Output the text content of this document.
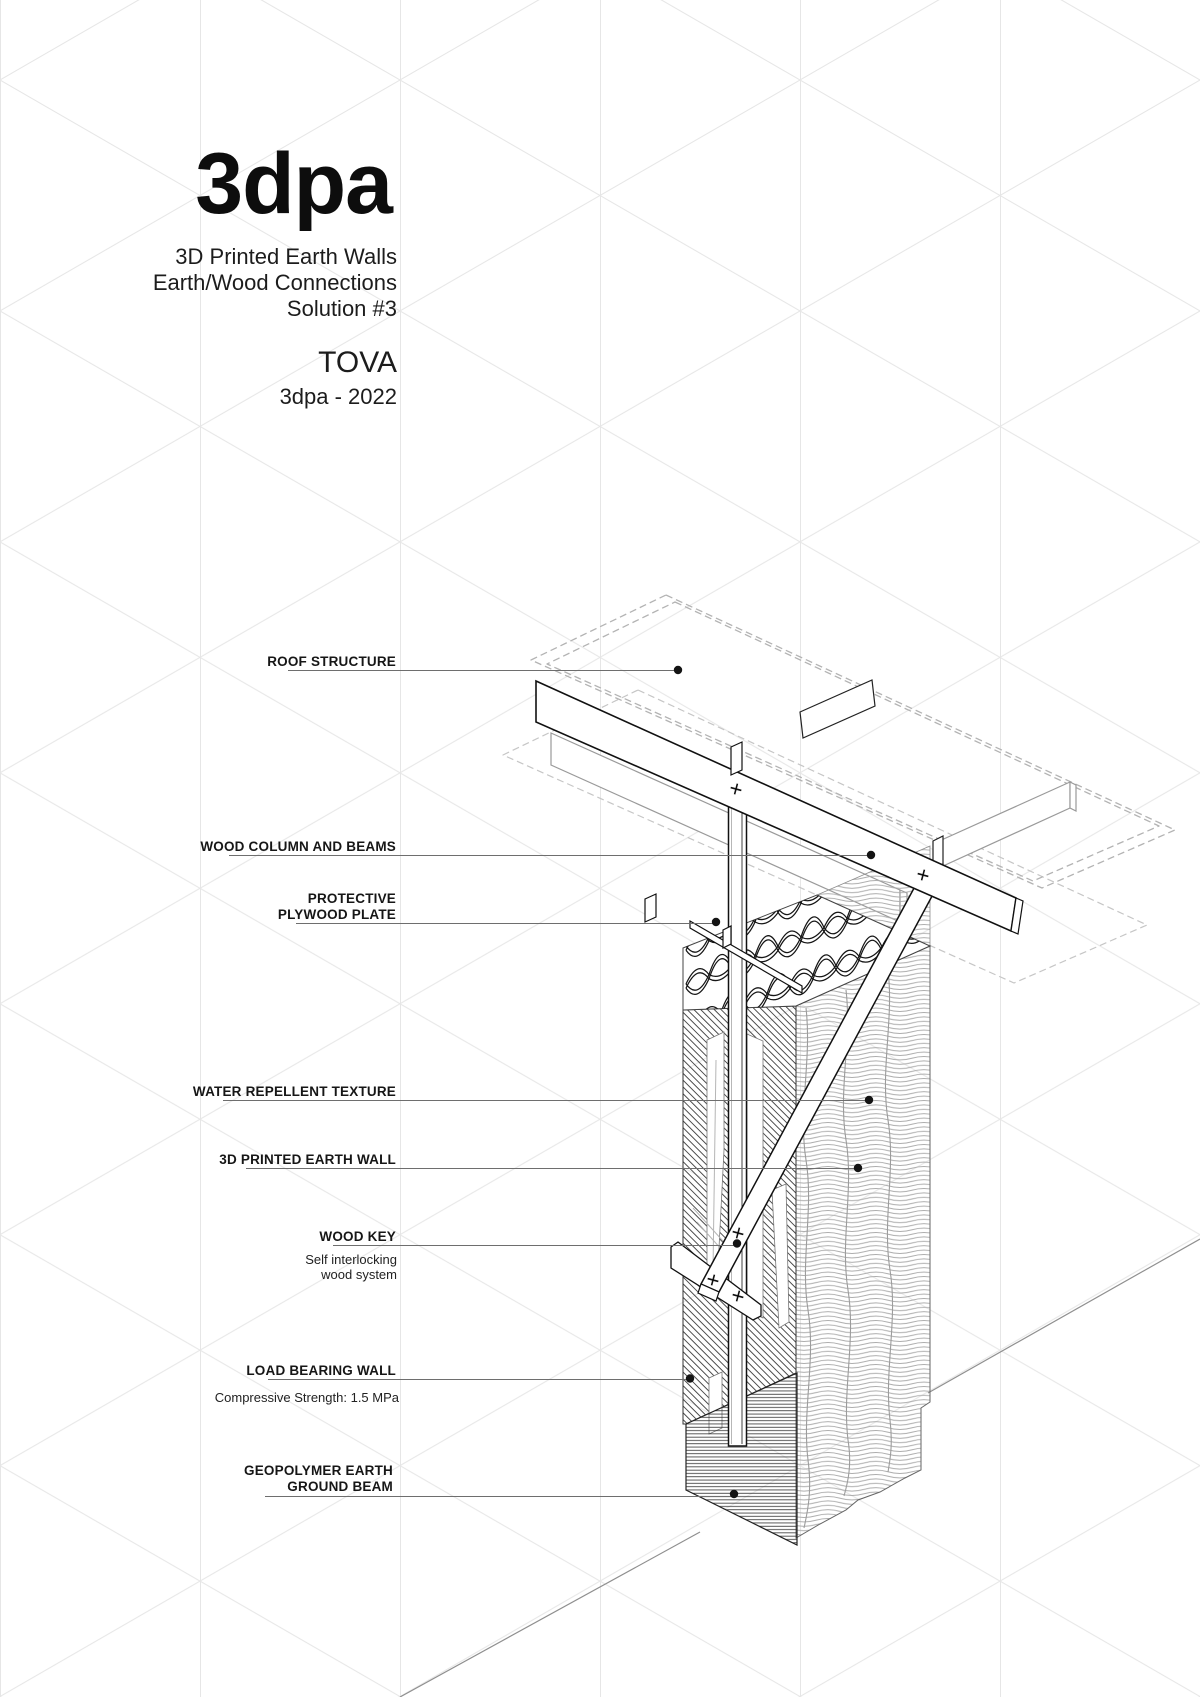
3dpa
3D Printed Earth Walls
Earth/Wood Connections
Solution #3
TOVA
3dpa - 2022
ROOF STRUCTURE
WOOD COLUMN AND BEAMS
PROTECTIVE
PLYWOOD PLATE
WATER REPELLENT TEXTURE
3D PRINTED EARTH WALL
WOOD KEY
Self interlocking
wood system
LOAD BEARING WALL
Compressive Strength: 1.5 MPa
GEOPOLYMER EARTH
GROUND BEAM
